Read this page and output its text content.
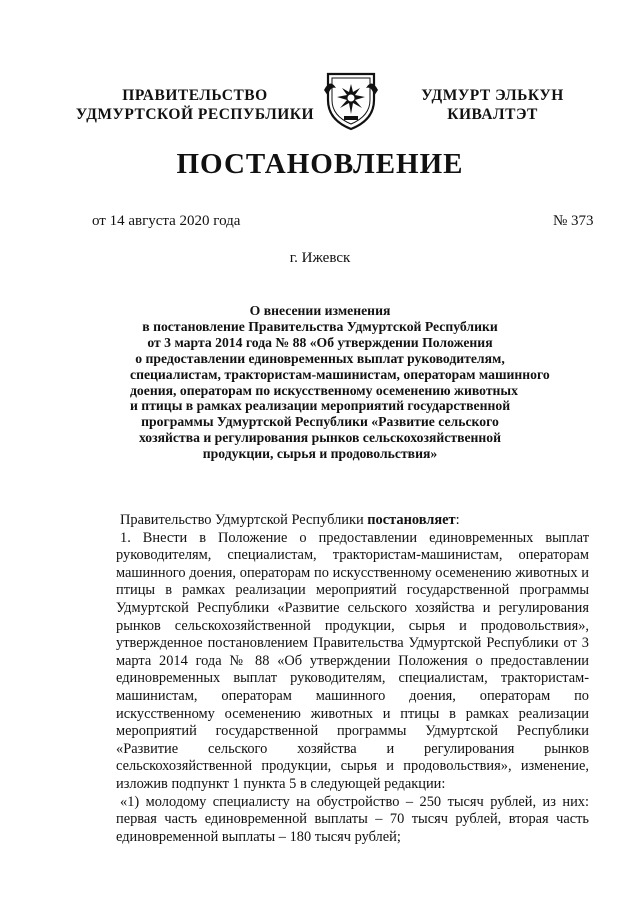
ПРАВИТЕЛЬСТВО
УДМУРТСКОЙ РЕСПУБЛИКИ
УДМУРТ ЭЛЬКУН
КИВАЛТЭТ
ПОСТАНОВЛЕНИЕ
от 14 августа 2020 года	№ 373
г. Ижевск
О внесении изменения
в постановление Правительства Удмуртской Республики
от 3 марта 2014 года № 88 «Об утверждении Положения
о предоставлении единовременных выплат руководителям,
специалистам, трактористам-машинистам, операторам машинного
доения, операторам по искусственному осеменению животных
и птицы в рамках реализации мероприятий государственной
программы Удмуртской Республики «Развитие сельского
хозяйства и регулирования рынков сельскохозяйственной
продукции, сырья и продовольствия»

Правительство Удмуртской Республики постановляет:

1. Внести в Положение о предоставлении единовременных выплат руководителям, специалистам, трактористам-машинистам, операторам машинного доения, операторам по искусственному осеменению животных и птицы в рамках реализации мероприятий государственной программы Удмуртской Республики «Развитие сельского хозяйства и регулирования рынков сельскохозяйственной продукции, сырья и продовольствия», утвержденное постановлением Правительства Удмуртской Республики от 3 марта 2014 года № 88 «Об утверждении Положения о предоставлении единовременных выплат руководителям, специалистам, трактористам-машинистам, операторам машинного доения, операторам по искусственному осеменению животных и птицы в рамках реализации мероприятий государственной программы Удмуртской Республики «Развитие сельского хозяйства и регулирования рынков сельскохозяйственной продукции, сырья и продовольствия», изменение, изложив подпункт 1 пункта 5 в следующей редакции:

«1) молодому специалисту на обустройство – 250 тысяч рублей, из них: первая часть единовременной выплаты – 70 тысяч рублей, вторая часть единовременной выплаты – 180 тысяч рублей;
